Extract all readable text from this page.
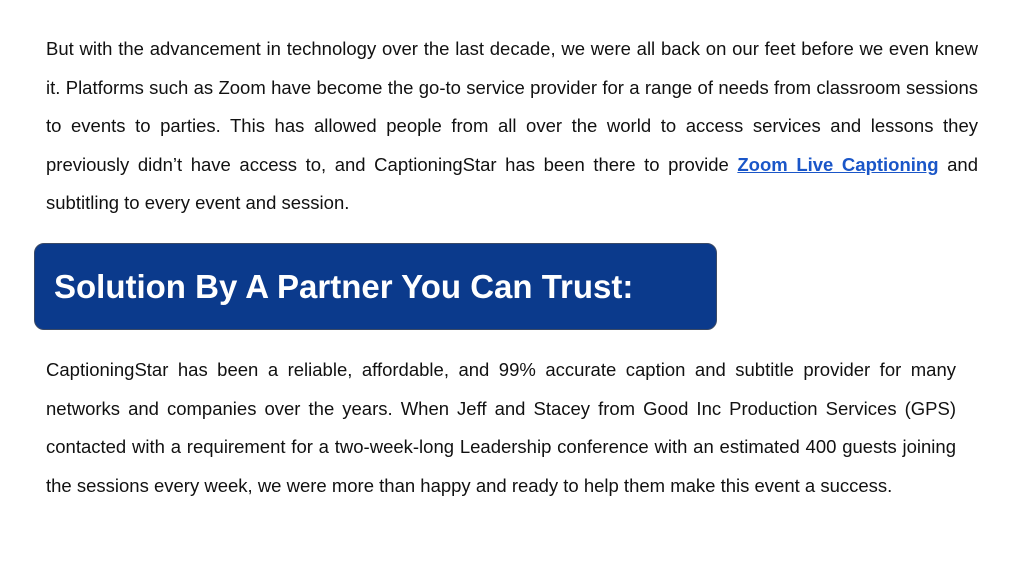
But with the advancement in technology over the last decade, we were all back on our feet before we even knew it. Platforms such as Zoom have become the go-to service provider for a range of needs from classroom sessions to events to parties. This has allowed people from all over the world to access services and lessons they previously didn’t have access to, and CaptioningStar has been there to provide Zoom Live Captioning and subtitling to every event and session.

Solution By A Partner You Can Trust:

CaptioningStar has been a reliable, affordable, and 99% accurate caption and subtitle provider for many networks and companies over the years. When Jeff and Stacey from Good Inc Production Services (GPS) contacted with a requirement for a two-week-long Leadership conference with an estimated 400 guests joining the sessions every week, we were more than happy and ready to help them make this event a success.
